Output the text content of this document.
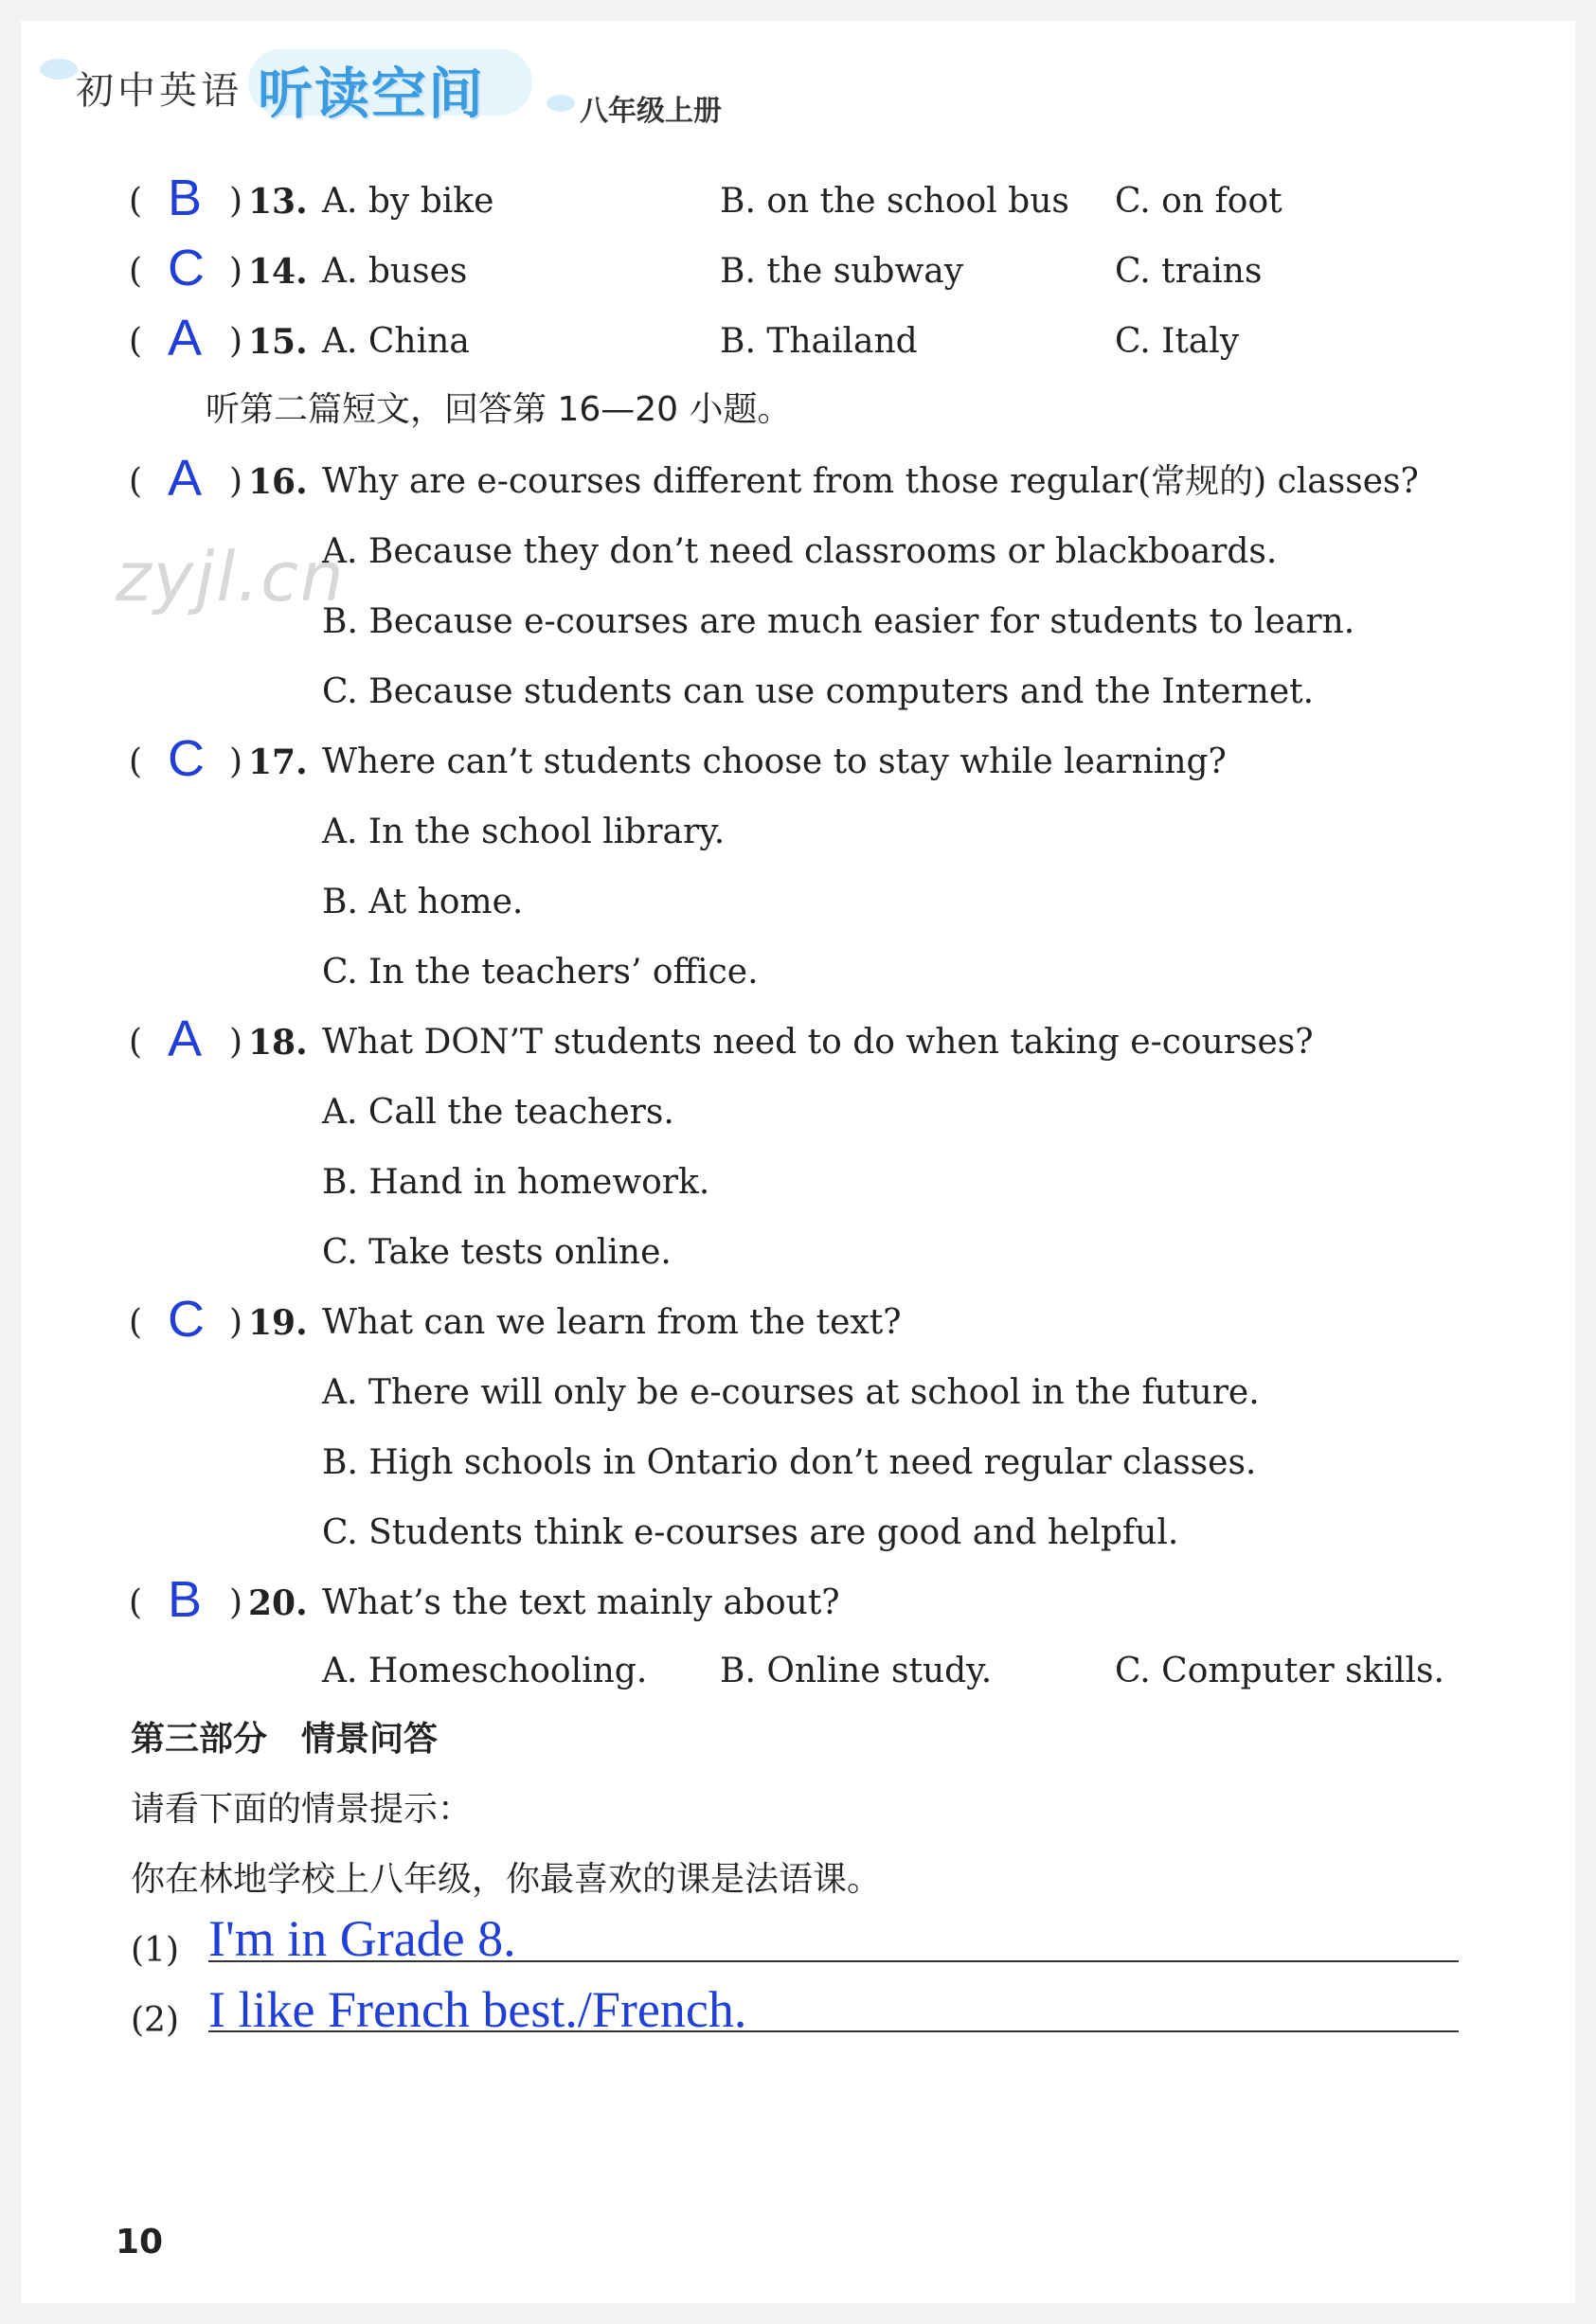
初中英语 听读空间	八年级上册
zyjl.cn
( B ) 13. A. by bike	B. on the school bus C. on foot
( C ) 14. A. buses	B. the subway	C. trains
( A ) 15. A. China	B. Thailand	C. Italy
听第二篇短文，回答第 16—20 小题。
( A ) 16. Why are e-courses different from those regular(常规的) classes?
A. Because they don’t need classrooms or blackboards.
B. Because e-courses are much easier for students to learn.
C. Because students can use computers and the Internet.
( C ) 17. Where can’t students choose to stay while learning?
A. In the school library.
B. At home.
C. In the teachers’ office.
( A ) 18. What DON’T students need to do when taking e-courses?
A. Call the teachers.
B. Hand in homework.
C. Take tests online.
( C ) 19. What can we learn from the text?
A. There will only be e-courses at school in the future.
B. High schools in Ontario don’t need regular classes.
C. Students think e-courses are good and helpful.
( B ) 20. What’s the text mainly about?
A. Homeschooling. B. Online study.	C. Computer skills.
第三部分　情景问答
请看下面的情景提示：
你在林地学校上八年级，你最喜欢的课是法语课。
(1) I'm in Grade 8.
(2) I like French best./French.
10
